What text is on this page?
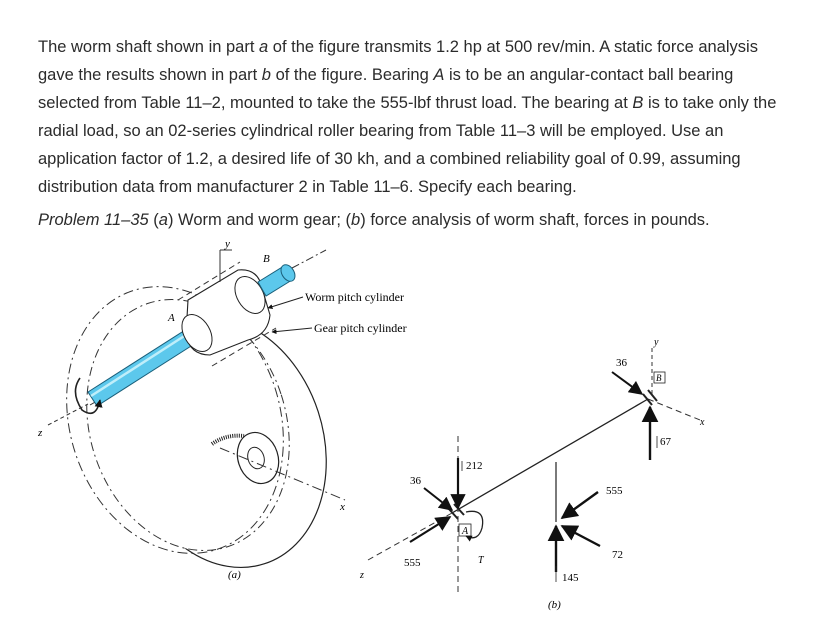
The worm shaft shown in part a of the figure transmits 1.2 hp at 500 rev/min. A static force analysis gave the results shown in part b of the figure. Bearing A is to be an angular-contact ball bearing selected from Table 11–2, mounted to take the 555-lbf thrust load. The bearing at B is to take only the radial load, so an 02-series cylindrical roller bearing from Table 11–3 will be employed. Use an application factor of 1.2, a desired life of 30 kh, and a combined reliability goal of 0.99, assuming distribution data from manufacturer 2 in Table 11–6. Specify each bearing.

Problem 11–35 (a) Worm and worm gear; (b) force analysis of worm shaft, forces in pounds.

y
z
x
A
B
Worm pitch cylinder
Gear pitch cylinder
(a)
A
212
36
555	T
145
555
72
y
B
36
67
x
z
(b)
